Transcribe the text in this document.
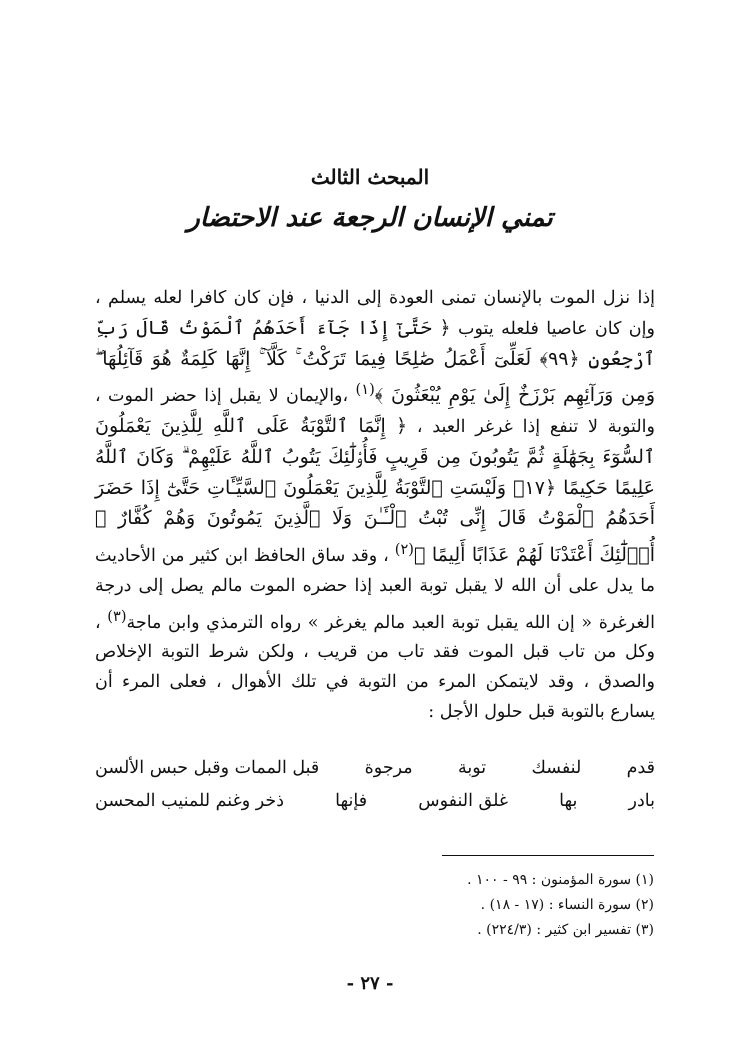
المبحث الثالث
تمني الإنسان الرجعة عند الاحتضار

إذا نزل الموت بالإنسان تمنى العودة إلى الدنيا ، فإن كان كافرا لعله يسلم ، وإن كان عاصيا فلعله يتوب ﴿ حَتَّىٰٓ إِذَا جَآءَ أَحَدَهُمُ ٱلْمَوْتُ قَالَ رَبِّ ٱرْجِعُونِ ﴿٩٩﴾ لَعَلِّىٓ أَعْمَلُ صَٰلِحًا فِيمَا تَرَكْتُ ۚ كَلَّآ ۚ إِنَّهَا كَلِمَةٌ هُوَ قَآئِلُهَا ۖ وَمِن وَرَآئِهِم بَرْزَخٌ إِلَىٰ يَوْمِ يُبْعَثُونَ ﴾$^{(١)}$ ،والإيمان لا يقبل إذا حضر الموت ، والتوبة لا تنفع إذا غرغر العبد ، ﴿ إِنَّمَا ٱلتَّوْبَةُ عَلَى ٱللَّهِ لِلَّذِينَ يَعْمَلُونَ ٱلسُّوٓءَ بِجَهَٰلَةٍ ثُمَّ يَتُوبُونَ مِن قَرِيبٍ فَأُو۟لَٰٓئِكَ يَتُوبُ ٱللَّهُ عَلَيْهِمْ ۗ وَكَانَ ٱللَّهُ عَلِيمًا حَكِيمًا ﴿١٧﴾ وَلَيْسَتِ ٱلتَّوْبَةُ لِلَّذِينَ يَعْمَلُونَ ٱلسَّيِّـَٔاتِ حَتَّىٰٓ إِذَا حَضَرَ أَحَدَهُمُ ٱلْمَوْتُ قَالَ إِنِّى تُبْتُ ٱلْـَٔـٰنَ وَلَا ٱلَّذِينَ يَمُوتُونَ وَهُمْ كُفَّارٌ ۚ أُو۟لَٰٓئِكَ أَعْتَدْنَا لَهُمْ عَذَابًا أَلِيمًا ﴾$^{(٢)}$ ، وقد ساق الحافظ ابن كثير من الأحاديث ما يدل على أن الله لا يقبل توبة العبد إذا حضره الموت مالم يصل إلى درجة الغرغرة « إن الله يقبل توبة العبد مالم يغرغر » رواه الترمذي وابن ماجة$^{(٣)}$ ، وكل من تاب قبل الموت فقد تاب من قريب ، ولكن شرط التوبة الإخلاص والصدق ، وقد لايتمكن المرء من التوبة في تلك الأهوال ، فعلى المرء أن يسارع بالتوبة قبل حلول الأجل :

قدم
لنفسك
توبة
مرجوة
قبل الممات وقبل حبس الألسن
بادر
بها
غلق النفوس
فإنها
ذخر وغنم للمنيب المحسن
(١) سورة المؤمنون : ٩٩ - ١٠٠ .
(٢) سورة النساء : (١٧ - ١٨) .
(٣) تفسير ابن كثير : (٢٢٤/٣) .
- ٢٧ -
